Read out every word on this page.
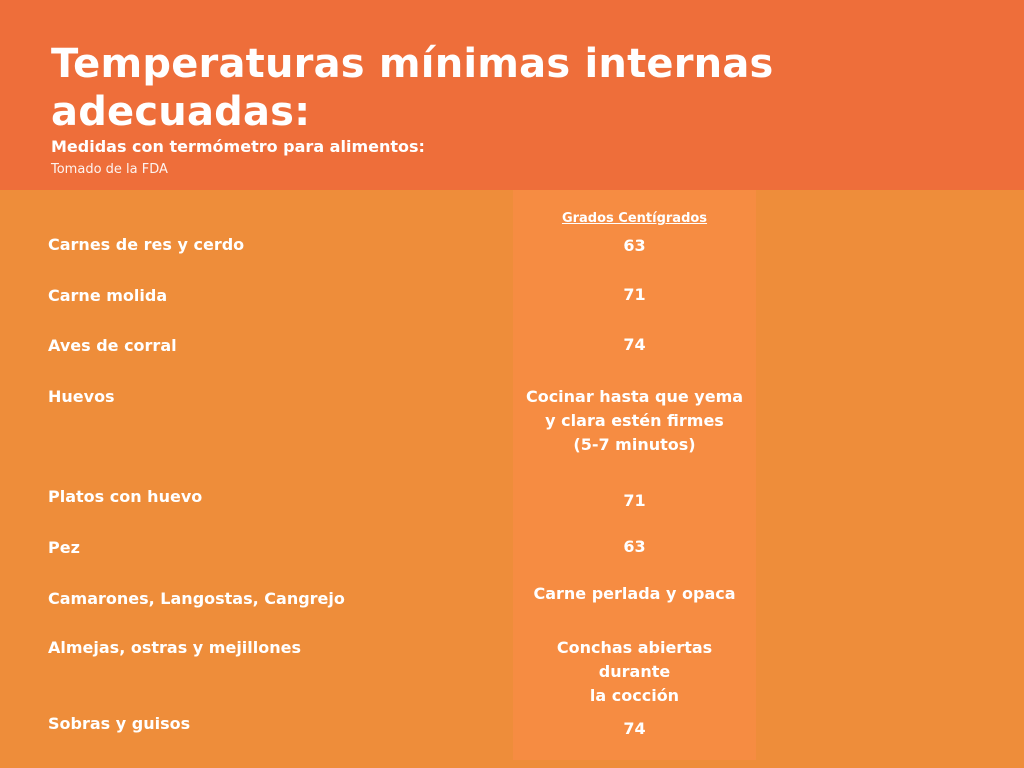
Temperaturas mínimas internas adecuadas:
Medidas con termómetro para alimentos:
Tomado de la FDA
Grados Centígrados
Carnes de res y cerdo	63
Carne molida	71
Aves de corral	74
Huevos	Cocinar hasta que yema
y clara estén firmes
(5-7 minutos)
Platos con huevo	71
Pez	63
Camarones, Langostas, Cangrejo	Carne perlada y opaca
Almejas, ostras y mejillones	Conchas abiertas
durante
la cocción
Sobras y guisos	74
